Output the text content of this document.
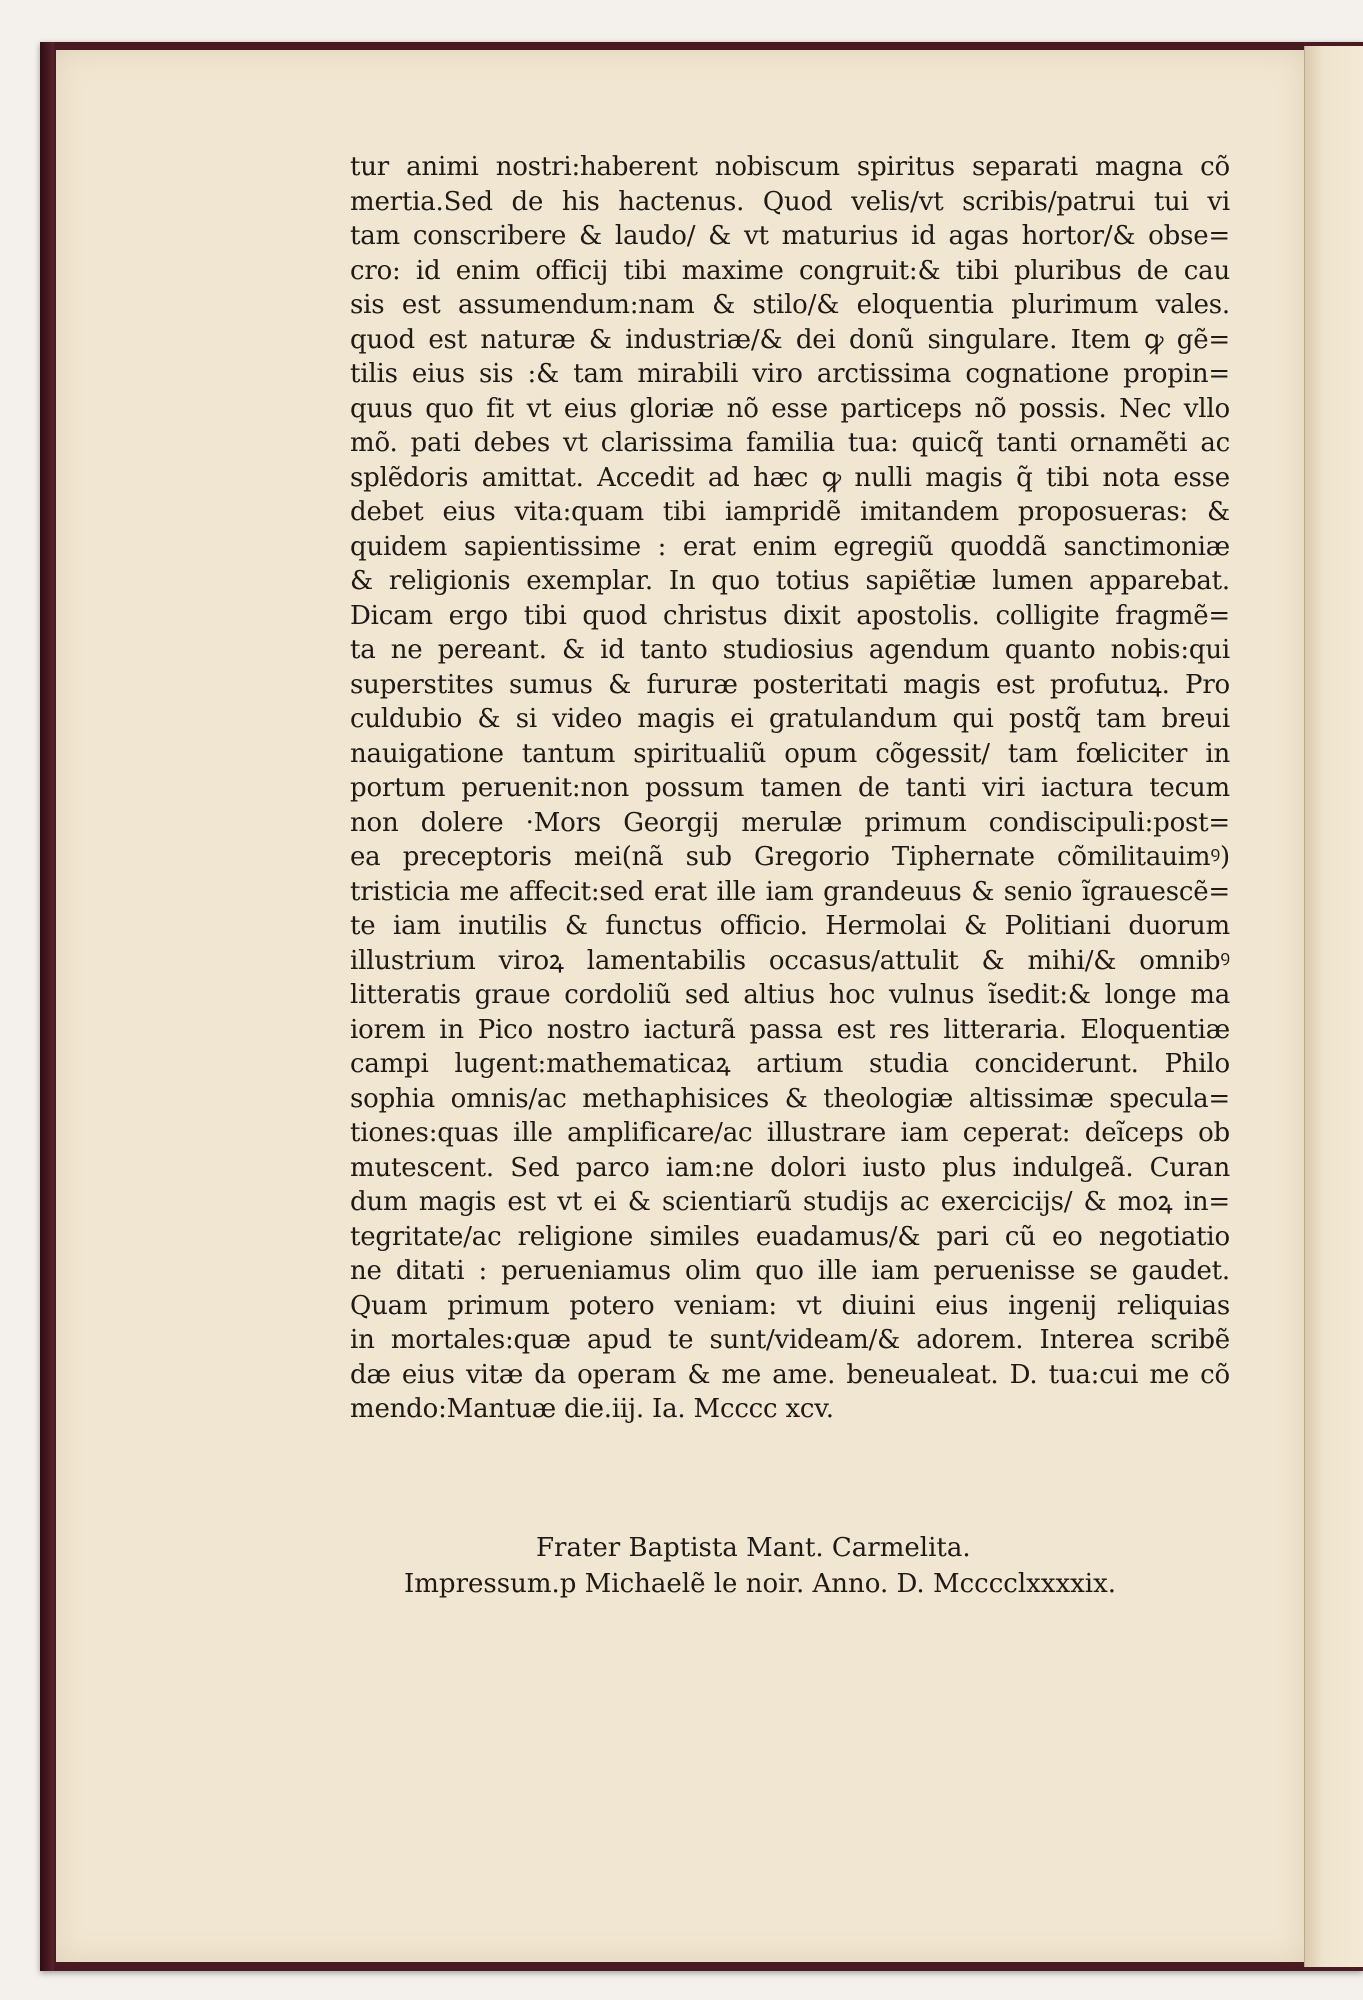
tur animi nostri:haberent nobiscum spiritus separati magna cõ
mertia.Sed de his hactenus. Quod velis/vt scribis/patrui tui vi
tam conscribere & laudo/ & vt maturius id agas hortor/& obse=
cro: id enim officij tibi maxime congruit:& tibi pluribus de cau
sis est assumendum:nam & stilo/& eloquentia plurimum vales.
quod est naturæ & industriæ/& dei donũ singulare. Item ꝙ gẽ=
tilis eius sis :& tam mirabili viro arctissima cognatione propin=
quus quo fit vt eius gloriæ nõ esse particeps nõ possis. Nec vllo
mõ. pati debes vt clarissima familia tua: quicq̃ tanti ornamẽti ac
splẽdoris amittat. Accedit ad hæc ꝙ nulli magis q̃ tibi nota esse
debet eius vita:quam tibi iampridẽ imitandem proposueras: &
quidem sapientissime : erat enim egregiũ quoddã sanctimoniæ
& religionis exemplar. In quo totius sapiẽtiæ lumen apparebat.
Dicam ergo tibi quod christus dixit apostolis. colligite fragmẽ=
ta ne pereant. & id tanto studiosius agendum quanto nobis:qui
superstites sumus & fururæ posteritati magis est profutuꝝ. Pro
culdubio & si video magis ei gratulandum qui postq̃ tam breui
nauigatione tantum spiritualiũ opum cõgessit/ tam fœliciter in
portum peruenit:non possum tamen de tanti viri iactura tecum
non dolere ·Mors Georgij merulæ primum condiscipuli:post=
ea preceptoris mei(nã sub Gregorio Tiphernate cõmilitauimꝰ)
tristicia me affecit:sed erat ille iam grandeuus & senio ĩgrauescẽ=
te iam inutilis & functus officio. Hermolai & Politiani duorum
illustrium viroꝝ lamentabilis occasus/attulit & mihi/& omnibꝰ
litteratis graue cordoliũ sed altius hoc vulnus ĩsedit:& longe ma
iorem in Pico nostro iacturã passa est res litteraria. Eloquentiæ
campi lugent:mathematicaꝝ artium studia conciderunt. Philo
sophia omnis/ac methaphisices & theologiæ altissimæ specula=
tiones:quas ille amplificare/ac illustrare iam ceperat: deĩceps ob
mutescent. Sed parco iam:ne dolori iusto plus indulgeã. Curan
dum magis est vt ei & scientiarũ studijs ac exercicijs/ & moꝝ in=
tegritate/ac religione similes euadamus/& pari cũ eo negotiatio
ne ditati : perueniamus olim quo ille iam peruenisse se gaudet.
Quam primum potero veniam: vt diuini eius ingenij reliquias
in mortales:quæ apud te sunt/videam/& adorem. Interea scribẽ
dæ eius vitæ da operam & me ame. beneualeat. D. tua:cui me cõ
mendo:Mantuæ die.iij. Ia. Mcccc xcv.
Frater Baptista Mant. Carmelita.
Impressum.p Michaelẽ le noir. Anno. D. Mcccclxxxxix.
